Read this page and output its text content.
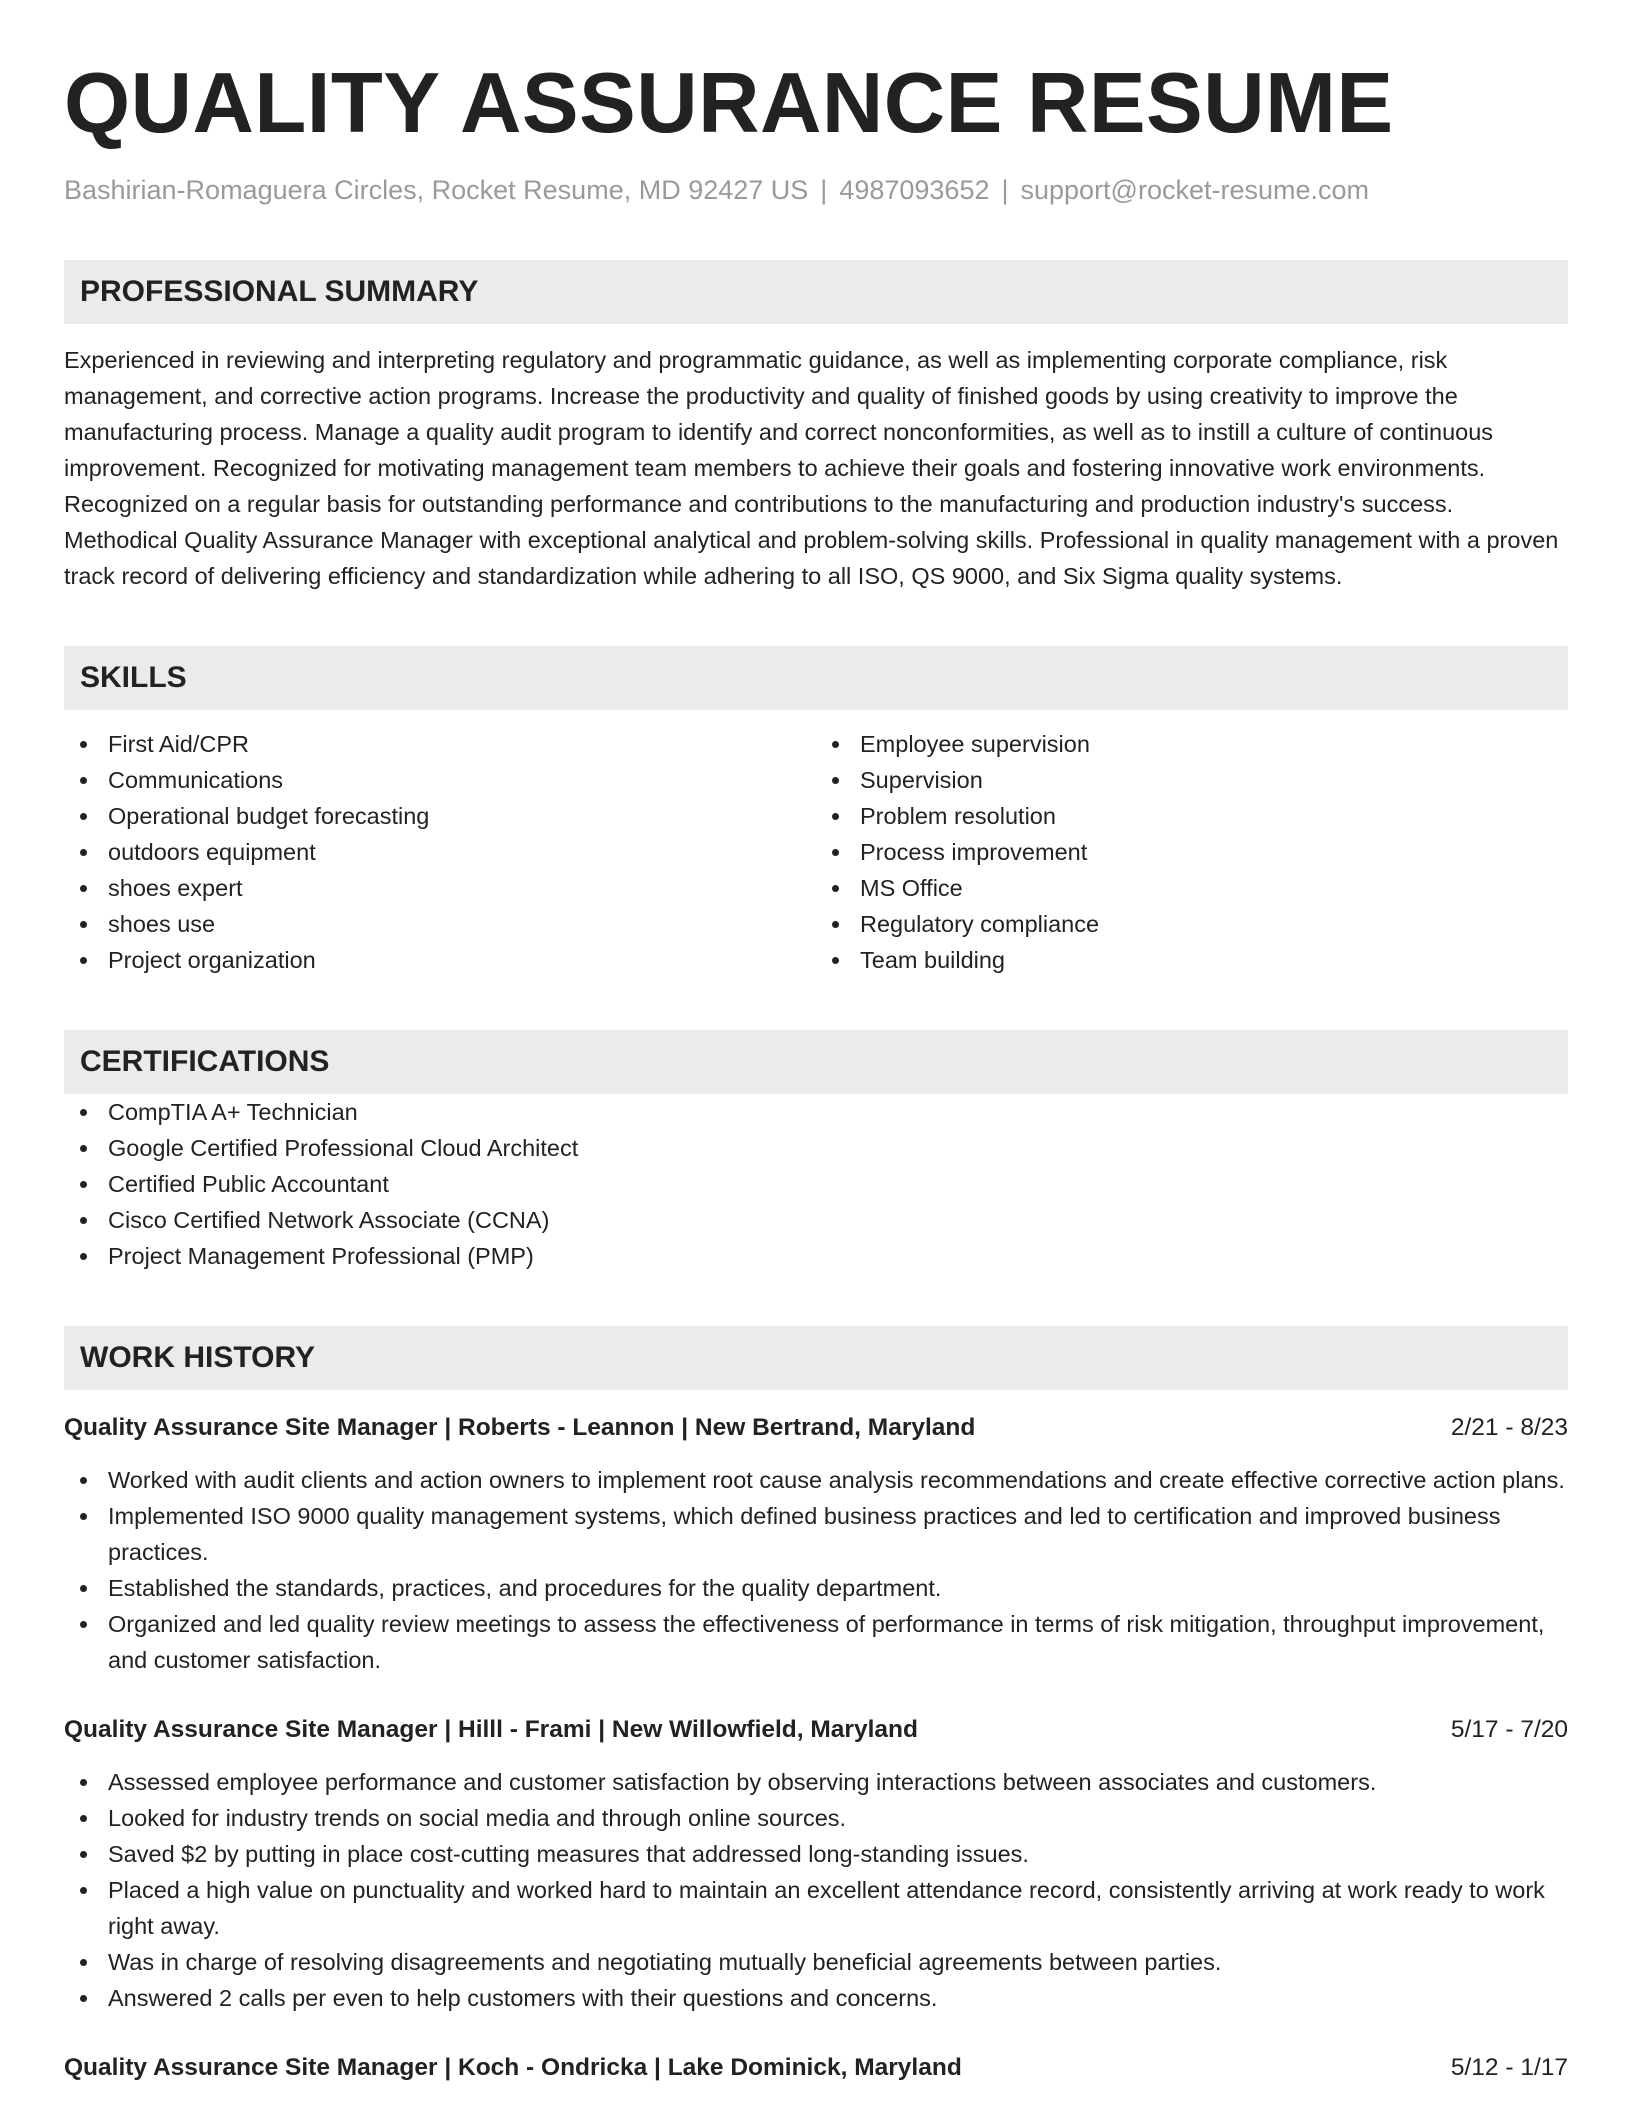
QUALITY ASSURANCE RESUME
Bashirian-Romaguera Circles, Rocket Resume, MD 92427 US | 4987093652 | support@rocket-resume.com
PROFESSIONAL SUMMARY
Experienced in reviewing and interpreting regulatory and programmatic guidance, as well as implementing corporate compliance, risk management, and corrective action programs. Increase the productivity and quality of finished goods by using creativity to improve the manufacturing process. Manage a quality audit program to identify and correct nonconformities, as well as to instill a culture of continuous improvement. Recognized for motivating management team members to achieve their goals and fostering innovative work environments. Recognized on a regular basis for outstanding performance and contributions to the manufacturing and production industry's success. Methodical Quality Assurance Manager with exceptional analytical and problem-solving skills. Professional in quality management with a proven track record of delivering efficiency and standardization while adhering to all ISO, QS 9000, and Six Sigma quality systems.
SKILLS
First Aid/CPR
Communications
Operational budget forecasting
outdoors equipment
shoes expert
shoes use
Project organization
Employee supervision
Supervision
Problem resolution
Process improvement
MS Office
Regulatory compliance
Team building
CERTIFICATIONS
CompTIA A+ Technician
Google Certified Professional Cloud Architect
Certified Public Accountant
Cisco Certified Network Associate (CCNA)
Project Management Professional (PMP)
WORK HISTORY
Quality Assurance Site Manager | Roberts - Leannon | New Bertrand, Maryland	2/21 - 8/23
Worked with audit clients and action owners to implement root cause analysis recommendations and create effective corrective action plans.
Implemented ISO 9000 quality management systems, which defined business practices and led to certification and improved business practices.
Established the standards, practices, and procedures for the quality department.
Organized and led quality review meetings to assess the effectiveness of performance in terms of risk mitigation, throughput improvement, and customer satisfaction.
Quality Assurance Site Manager | Hilll - Frami | New Willowfield, Maryland	5/17 - 7/20
Assessed employee performance and customer satisfaction by observing interactions between associates and customers.
Looked for industry trends on social media and through online sources.
Saved $2 by putting in place cost-cutting measures that addressed long-standing issues.
Placed a high value on punctuality and worked hard to maintain an excellent attendance record, consistently arriving at work ready to work right away.
Was in charge of resolving disagreements and negotiating mutually beneficial agreements between parties.
Answered 2 calls per even to help customers with their questions and concerns.
Quality Assurance Site Manager | Koch - Ondricka | Lake Dominick, Maryland	5/12 - 1/17
